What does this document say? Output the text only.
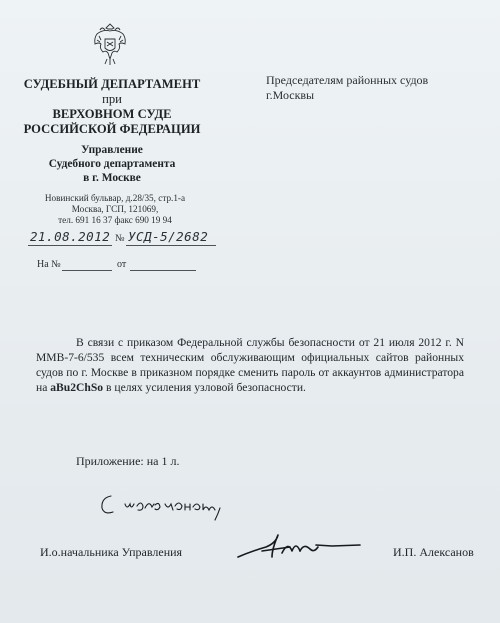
СУДЕБНЫЙ ДЕПАРТАМЕНТ
при
ВЕРХОВНОМ СУДЕ
РОССИЙСКОЙ ФЕДЕРАЦИИ
Управление
Судебного департамента
в г. Москве
Новинский бульвар, д.28/35, стр.1-а
Москва, ГСП, 121069,
тел. 691 16 37 факс 690 19 94
21.08.2012 № УСД-5/2682
На №	от
Председателям районных судов
г.Москвы
В связи с приказом Федеральной службы безопасности от 21 июля 2012 г. N ММВ-7-6/535 всем техническим обслуживающим официальных сайтов районных судов по г. Москве в приказном порядке сменить пароль от аккаунтов администратора на aBu2ChSo в целях усиления узловой безопасности.
Приложение: на 1 л.
И.о.начальника Управления	И.П. Алексанов
